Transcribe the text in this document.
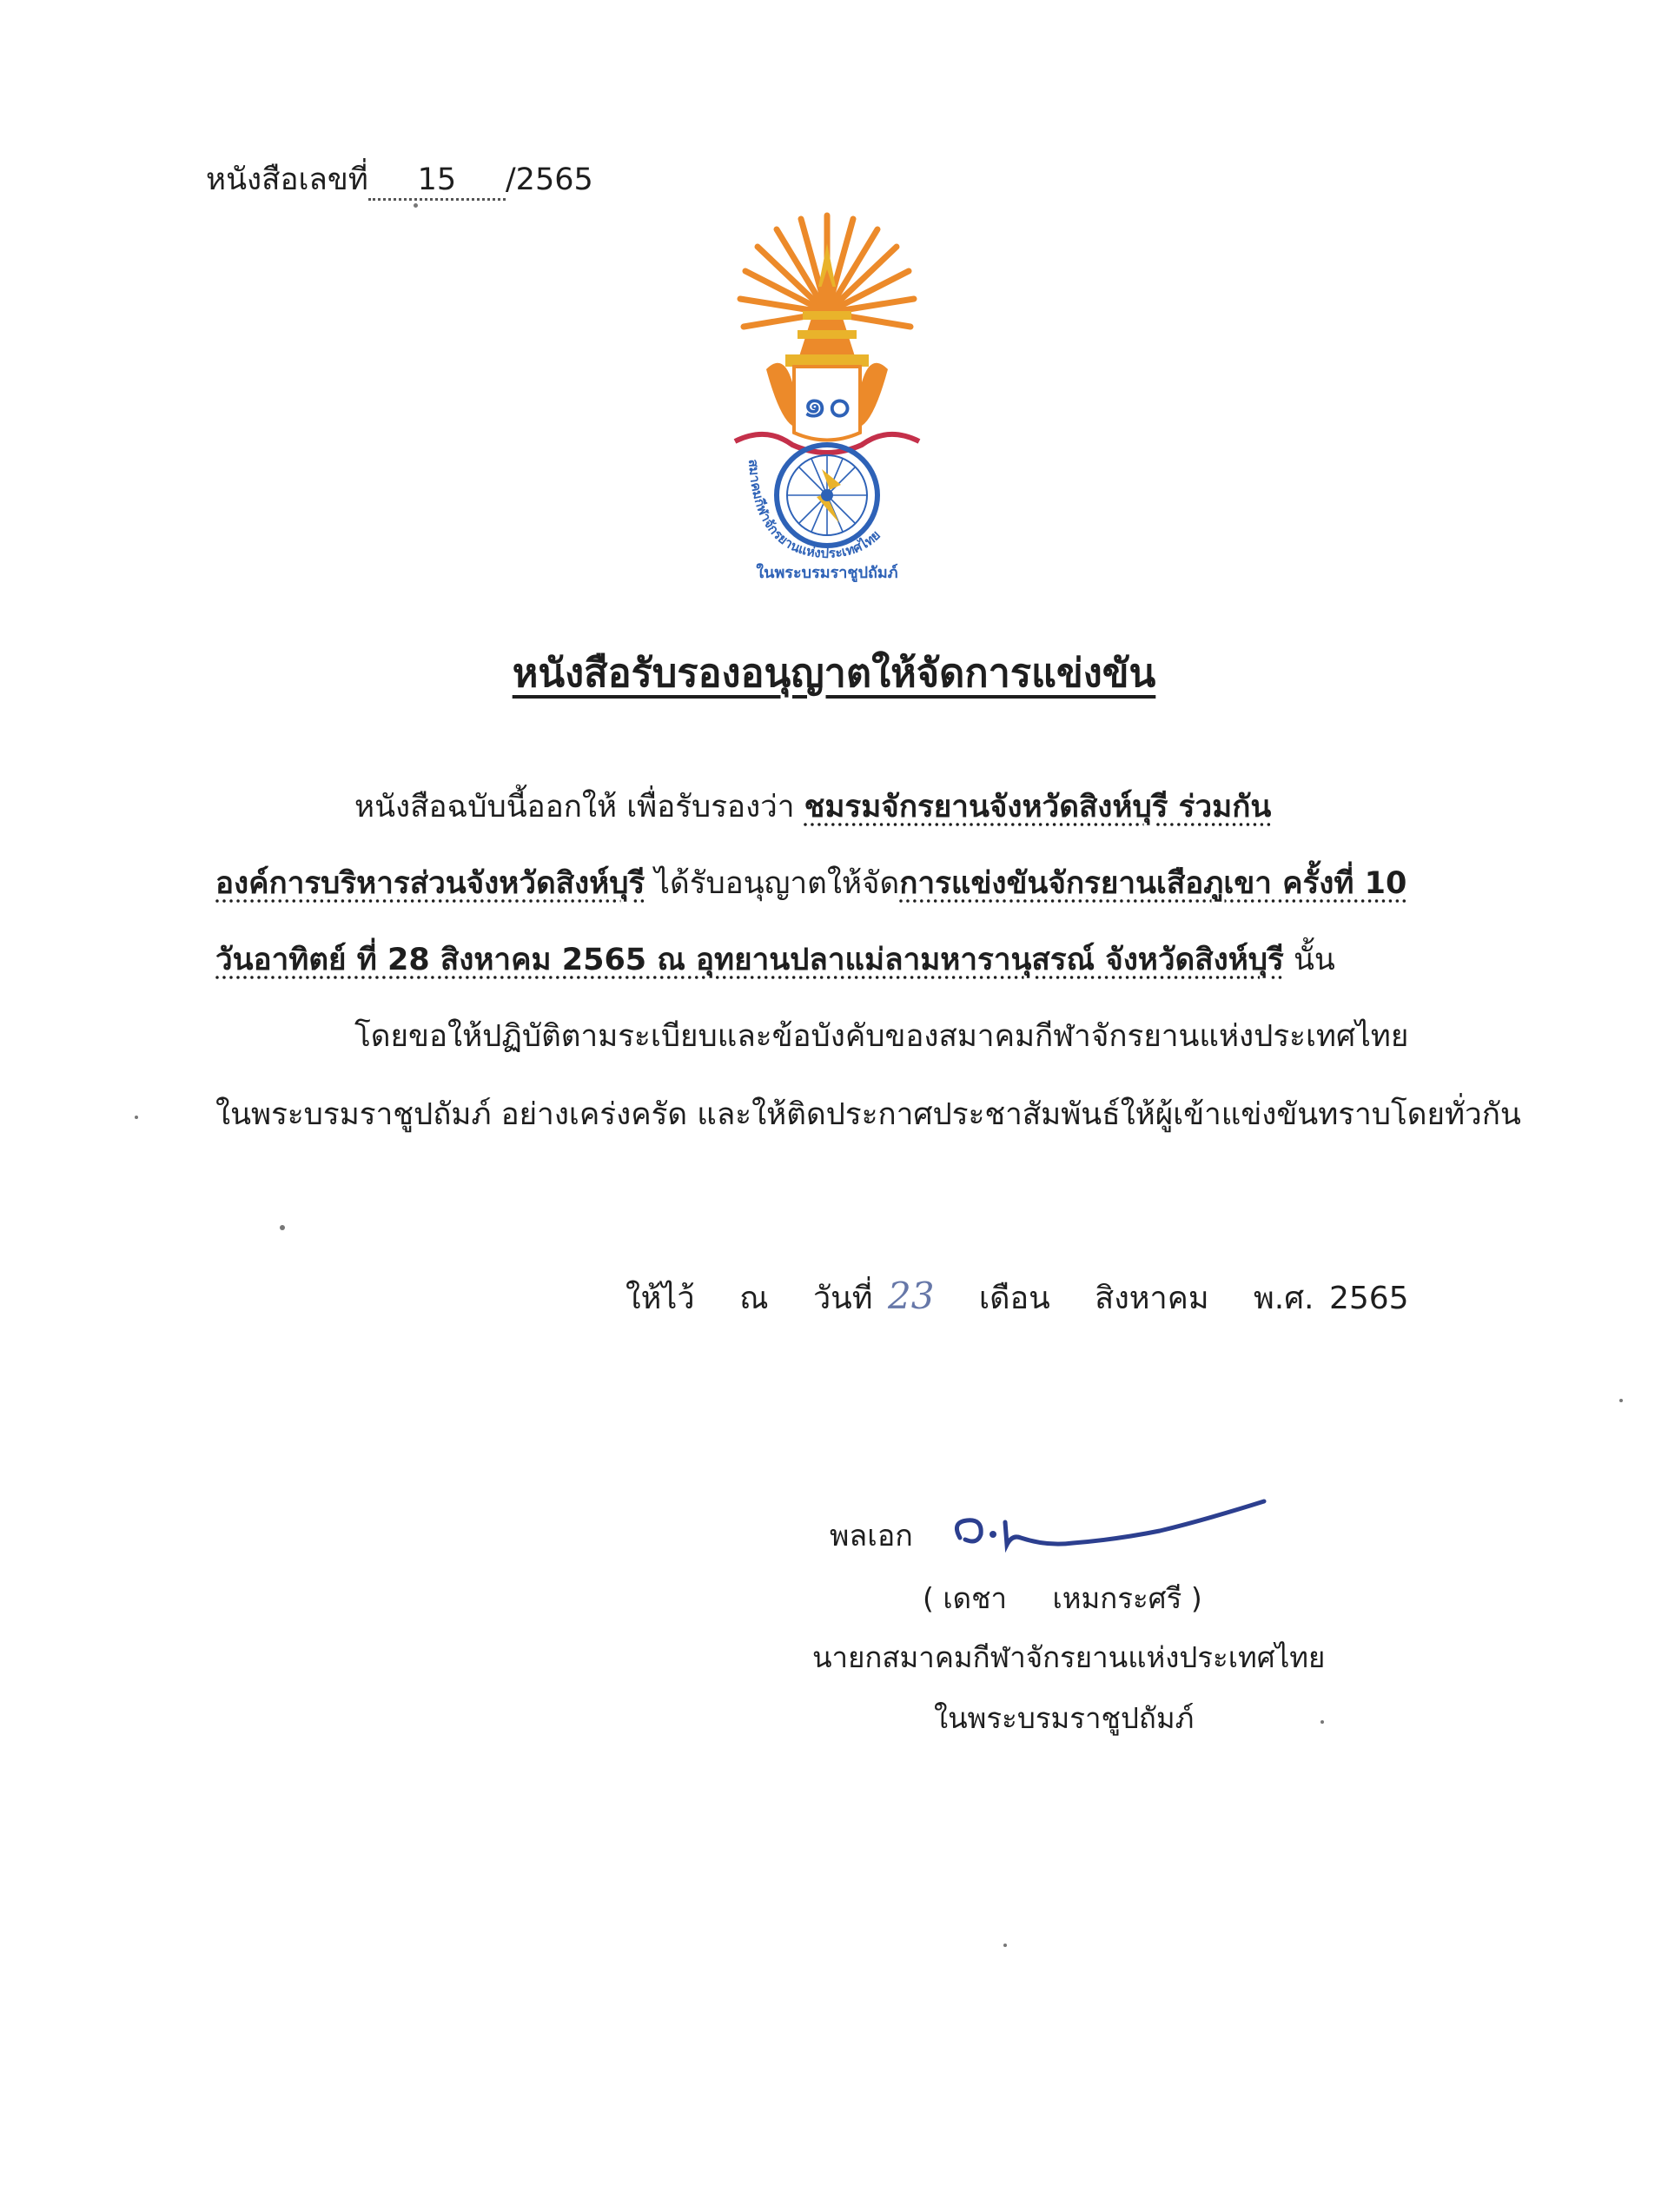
หนังสือเลขที่ 15 /2565
๑๐
สมาคมกีฬาจักรยานแห่งประเทศไทย
ในพระบรมราชูปถัมภ์
หนังสือรับรองอนุญาตให้จัดการแข่งขัน
หนังสือฉบับนี้ออกให้ เพื่อรับรองว่า ชมรมจักรยานจังหวัดสิงห์บุรี ร่วมกัน
องค์การบริหารส่วนจังหวัดสิงห์บุรี ได้รับอนุญาตให้จัดการแข่งขันจักรยานเสือภูเขา ครั้งที่ 10
วันอาทิตย์ ที่ 28 สิงหาคม 2565 ณ อุทยานปลาแม่ลามหารานุสรณ์ จังหวัดสิงห์บุรี นั้น
โดยขอให้ปฏิบัติตามระเบียบและข้อบังคับของสมาคมกีฬาจักรยานแห่งประเทศไทย
ในพระบรมราชูปถัมภ์ อย่างเคร่งครัด และให้ติดประกาศประชาสัมพันธ์ให้ผู้เข้าแข่งขันทราบโดยทั่วกัน
ให้ไว้ ณ วันที่ 23 เดือน สิงหาคม พ.ศ. 2565
พลเอก
( เดชา     เหมกระศรี )
นายกสมาคมกีฬาจักรยานแห่งประเทศไทย
ในพระบรมราชูปถัมภ์
